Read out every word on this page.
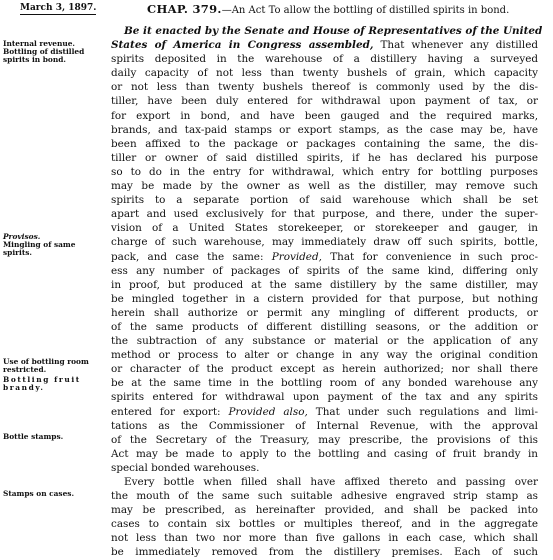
March 3, 1897.	CHAP. 379.—An Act To allow the bottling of distilled spirits in bond.
Internal revenue.
Bottling of distilled
spirits in bond.
Provisos.
Mingling of same
spirits.
Use of bottling room
restricted.
Bottling fruit
brandy.
Bottle stamps.
Stamps on cases.
Be it enacted by the Senate and House of Representatives of the United
States of America in Congress assembled, That whenever any distilled
spirits deposited in the warehouse of a distillery having a surveyed
daily capacity of not less than twenty bushels of grain, which capacity
or not less than twenty bushels thereof is commonly used by the dis-
tiller, have been duly entered for withdrawal upon payment of tax, or
for export in bond, and have been gauged and the required marks,
brands, and tax-paid stamps or export stamps, as the case may be, have
been affixed to the package or packages containing the same, the dis-
tiller or owner of said distilled spirits, if he has declared his purpose
so to do in the entry for withdrawal, which entry for bottling purposes
may be made by the owner as well as the distiller, may remove such
spirits to a separate portion of said warehouse which shall be set
apart and used exclusively for that purpose, and there, under the super-
vision of a United States storekeeper, or storekeeper and gauger, in
charge of such warehouse, may immediately draw off such spirits, bottle,
pack, and case the same: Provided, That for convenience in such proc-
ess any number of packages of spirits of the same kind, differing only
in proof, but produced at the same distillery by the same distiller, may
be mingled together in a cistern provided for that purpose, but nothing
herein shall authorize or permit any mingling of different products, or
of the same products of different distilling seasons, or the addition or
the subtraction of any substance or material or the application of any
method or process to alter or change in any way the original condition
or character of the product except as herein authorized; nor shall there
be at the same time in the bottling room of any bonded warehouse any
spirits entered for withdrawal upon payment of the tax and any spirits
entered for export: Provided also, That under such regulations and limi-
tations as the Commissioner of Internal Revenue, with the approval
of the Secretary of the Treasury, may prescribe, the provisions of this
Act may be made to apply to the bottling and casing of fruit brandy in
special bonded warehouses.
Every bottle when filled shall have affixed thereto and passing over
the mouth of the same such suitable adhesive engraved strip stamp as
may be prescribed, as hereinafter provided, and shall be packed into
cases to contain six bottles or multiples thereof, and in the aggregate
not less than two nor more than five gallons in each case, which shall
be immediately removed from the distillery premises. Each of such
